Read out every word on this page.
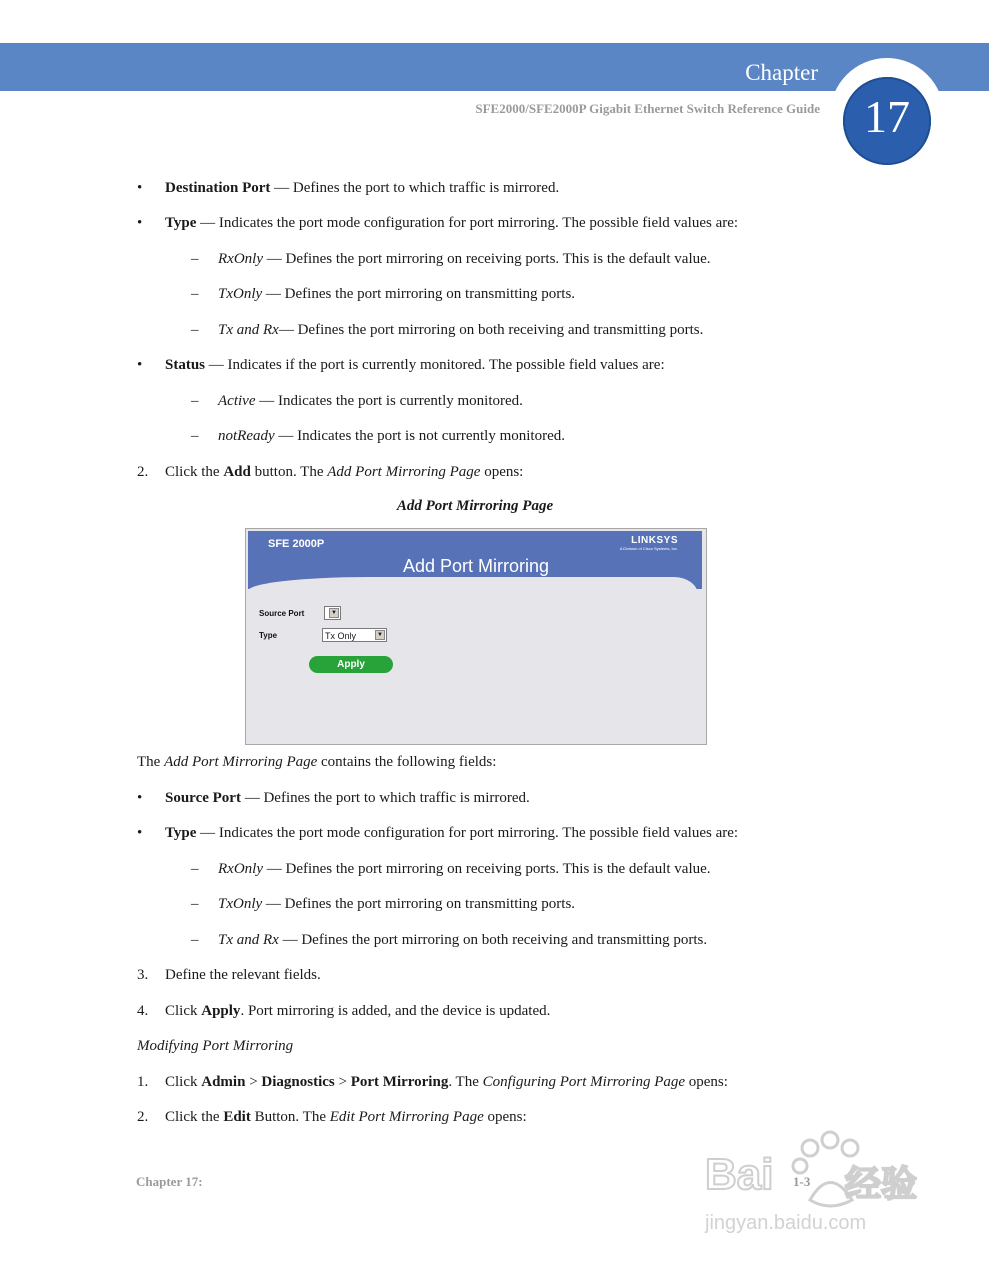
Chapter
SFE2000/SFE2000P Gigabit Ethernet Switch Reference Guide 17
• Destination Port — Defines the port to which traffic is mirrored.
• Type — Indicates the port mode configuration for port mirroring. The possible field values are:
– RxOnly — Defines the port mirroring on receiving ports. This is the default value.
– TxOnly — Defines the port mirroring on transmitting ports.
– Tx and Rx— Defines the port mirroring on both receiving and transmitting ports.
• Status — Indicates if the port is currently monitored. The possible field values are:
– Active — Indicates the port is currently monitored.
– notReady — Indicates the port is not currently monitored.
2. Click the Add button. The Add Port Mirroring Page opens:
Add Port Mirroring Page
SFE 2000P	LINKSYS
A Division of Cisco Systems, Inc.
Add Port Mirroring
Source Port	▼
Type	Tx Only	▼
Apply
The Add Port Mirroring Page contains the following fields:
• Source Port — Defines the port to which traffic is mirrored.
• Type — Indicates the port mode configuration for port mirroring. The possible field values are:
– RxOnly — Defines the port mirroring on receiving ports. This is the default value.
– TxOnly — Defines the port mirroring on transmitting ports.
– Tx and Rx — Defines the port mirroring on both receiving and transmitting ports.
3. Define the relevant fields.
4. Click Apply. Port mirroring is added, and the device is updated.
Modifying Port Mirroring
1. Click Admin > Diagnostics > Port Mirroring. The Configuring Port Mirroring Page opens:
2. Click the Edit Button. The Edit Port Mirroring Page opens:
Chapter 17:	1-3
Bai 经验
jingyan.baidu.com
